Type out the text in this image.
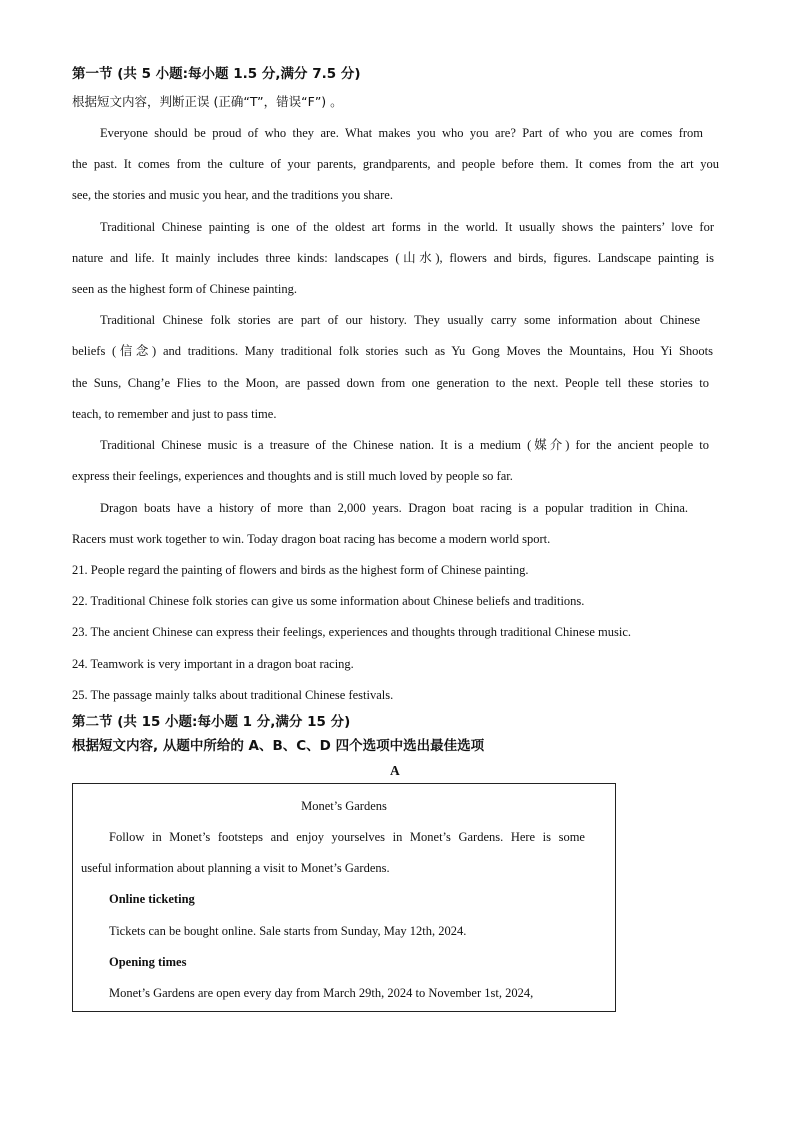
第一节 (共 5 小题:每小题 1.5 分,满分 7.5 分)
根据短文内容，判断正误 (正确“T”，错误“F”) 。
Everyone should be proud of who they are. What makes you who you are? Part of who you are comes from
the past. It comes from the culture of your parents, grandparents, and people before them. It comes from the art you
see, the stories and music you hear, and the traditions you share.
Traditional Chinese painting is one of the oldest art forms in the world. It usually shows the painters’ love for
nature and life. It mainly includes three kinds: landscapes (山水), flowers and birds, figures. Landscape painting is
seen as the highest form of Chinese painting.
Traditional Chinese folk stories are part of our history. They usually carry some information about Chinese
beliefs (信念) and traditions. Many traditional folk stories such as Yu Gong Moves the Mountains, Hou Yi Shoots
the Suns, Chang’e Flies to the Moon, are passed down from one generation to the next. People tell these stories to
teach, to remember and just to pass time.
Traditional Chinese music is a treasure of the Chinese nation. It is a medium (媒介) for the ancient people to
express their feelings, experiences and thoughts and is still much loved by people so far.
Dragon boats have a history of more than 2,000 years. Dragon boat racing is a popular tradition in China.
Racers must work together to win. Today dragon boat racing has become a modern world sport.
21. People regard the painting of flowers and birds as the highest form of Chinese painting.
22. Traditional Chinese folk stories can give us some information about Chinese beliefs and traditions.
23. The ancient Chinese can express their feelings, experiences and thoughts through traditional Chinese music.
24. Teamwork is very important in a dragon boat racing.
25. The passage mainly talks about traditional Chinese festivals.
第二节 (共 15 小题:每小题 1 分,满分 15 分)
根据短文内容, 从题中所给的 A、B、C、D 四个选项中选出最佳选项
A
Monet’s Gardens
Follow in Monet’s footsteps and enjoy yourselves in Monet’s Gardens. Here is some
useful information about planning a visit to Monet’s Gardens.
Online ticketing
Tickets can be bought online. Sale starts from Sunday, May 12th, 2024.
Opening times
Monet’s Gardens are open every day from March 29th, 2024 to November 1st, 2024,
